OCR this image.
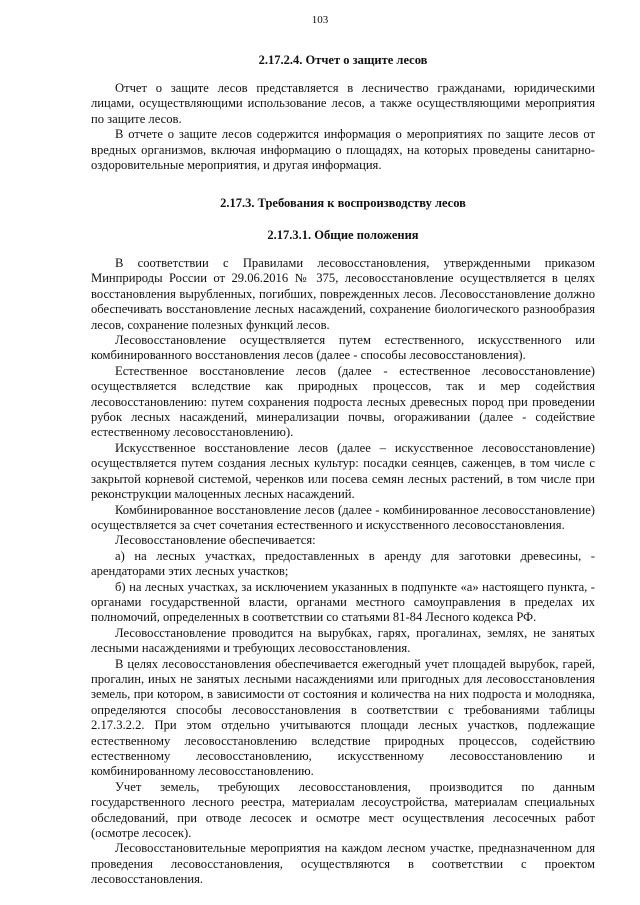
103
2.17.2.4. Отчет о защите лесов

Отчет о защите лесов представляется в лесничество гражданами, юридическими лицами, осуществляющими использование лесов, а также осуществляющими мероприятия по защите лесов.

В отчете о защите лесов содержится информация о мероприятиях по защите лесов от вредных организмов, включая информацию о площадях, на которых проведены санитарно-оздоровительные мероприятия, и другая информация.

2.17.3. Требования к воспроизводству лесов
2.17.3.1. Общие положения

В соответствии с Правилами лесовосстановления, утвержденными приказом Минприроды России от 29.06.2016 № 375, лесовосстановление осуществляется в целях восстановления вырубленных, погибших, поврежденных лесов. Лесовосстановление должно обеспечивать восстановление лесных насаждений, сохранение биологического разнообразия лесов, сохранение полезных функций лесов.

Лесовосстановление осуществляется путем естественного, искусственного или комбинированного восстановления лесов (далее - способы лесовосстановления).

Естественное восстановление лесов (далее - естественное лесовосстановление) осуществляется вследствие как природных процессов, так и мер содействия лесовосстановлению: путем сохранения подроста лесных древесных пород при проведении рубок лесных насаждений, минерализации почвы, огораживании (далее - содействие естественному лесовосстановлению).

Искусственное восстановление лесов (далее – искусственное лесовосстановление) осуществляется путем создания лесных культур: посадки сеянцев, саженцев, в том числе с закрытой корневой системой, черенков или посева семян лесных растений, в том числе при реконструкции малоценных лесных насаждений.

Комбинированное восстановление лесов (далее - комбинированное лесовосстановление) осуществляется за счет сочетания естественного и искусственного лесовосстановления.

Лесовосстановление обеспечивается:

а) на лесных участках, предоставленных в аренду для заготовки древесины, - арендаторами этих лесных участков;

б) на лесных участках, за исключением указанных в подпункте «а» настоящего пункта, - органами государственной власти, органами местного самоуправления в пределах их полномочий, определенных в соответствии со статьями 81-84 Лесного кодекса РФ.

Лесовосстановление проводится на вырубках, гарях, прогалинах, землях, не занятых лесными насаждениями и требующих лесовосстановления.

В целях лесовосстановления обеспечивается ежегодный учет площадей вырубок, гарей, прогалин, иных не занятых лесными насаждениями или пригодных для лесовосстановления земель, при котором, в зависимости от состояния и количества на них подроста и молодняка, определяются способы лесовосстановления в соответствии с требованиями таблицы 2.17.3.2.2. При этом отдельно учитываются площади лесных участков, подлежащие естественному лесовосстановлению вследствие природных процессов, содействию естественному лесовосстановлению, искусственному лесовосстановлению и комбинированному лесовосстановлению.

Учет земель, требующих лесовосстановления, производится по данным государственного лесного реестра, материалам лесоустройства, материалам специальных обследований, при отводе лесосек и осмотре мест осуществления лесосечных работ (осмотре лесосек).

Лесовосстановительные мероприятия на каждом лесном участке, предназначенном для проведения лесовосстановления, осуществляются в соответствии с проектом лесовосстановления.
